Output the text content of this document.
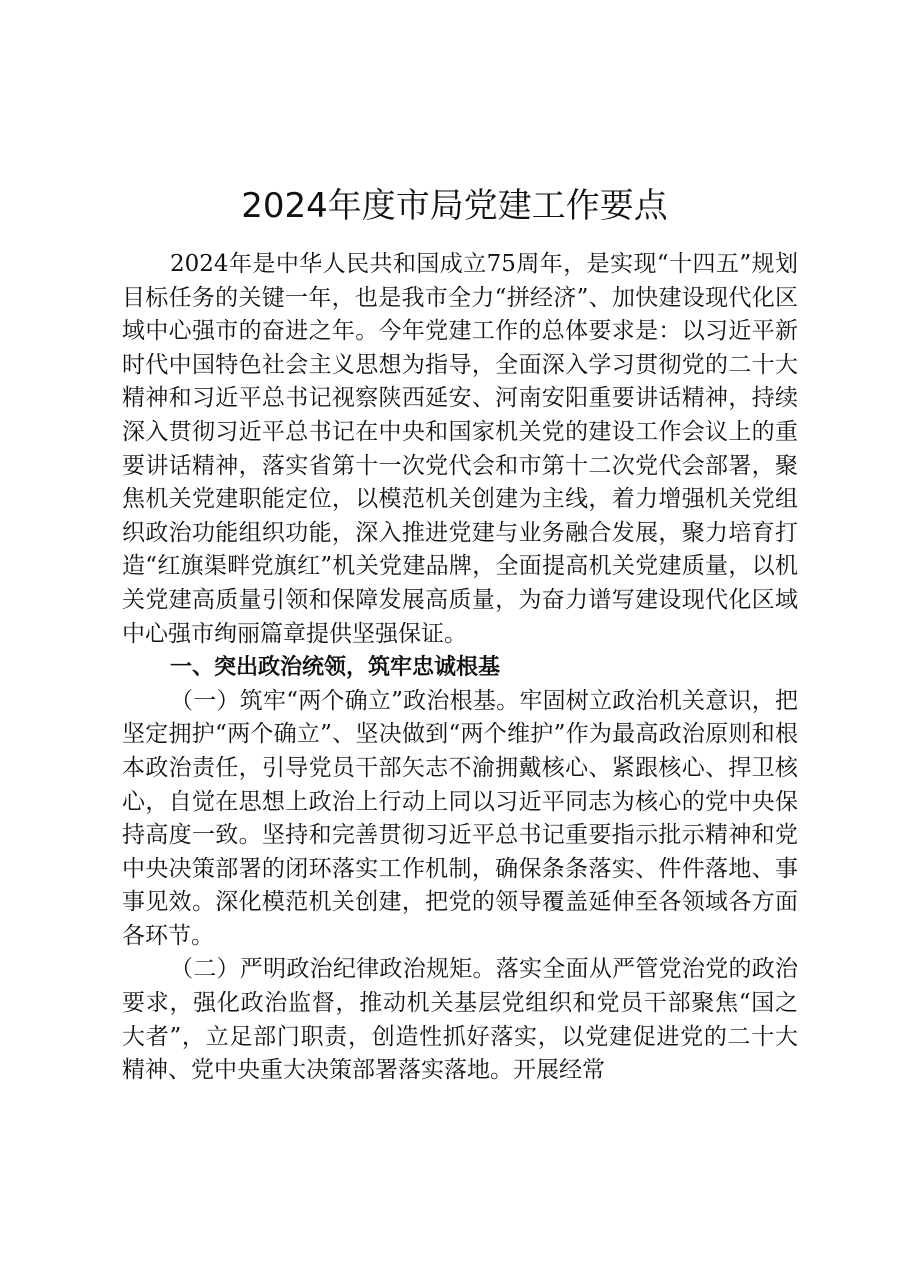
2024年度市局党建工作要点

2024年是中华人民共和国成立75周年，是实现“十四五”规划目标任务的关键一年，也是我市全力“拼经济”、加快建设现代化区域中心强市的奋进之年。今年党建工作的总体要求是：以习近平新时代中国特色社会主义思想为指导，全面深入学习贯彻党的二十大精神和习近平总书记视察陕西延安、河南安阳重要讲话精神，持续深入贯彻习近平总书记在中央和国家机关党的建设工作会议上的重要讲话精神，落实省第十一次党代会和市第十二次党代会部署，聚焦机关党建职能定位，以模范机关创建为主线，着力增强机关党组织政治功能组织功能，深入推进党建与业务融合发展，聚力培育打造“红旗渠畔党旗红”机关党建品牌，全面提高机关党建质量，以机关党建高质量引领和保障发展高质量，为奋力谱写建设现代化区域中心强市绚丽篇章提供坚强保证。

一、突出政治统领，筑牢忠诚根基

（一）筑牢“两个确立”政治根基。牢固树立政治机关意识，把坚定拥护“两个确立”、坚决做到“两个维护”作为最高政治原则和根本政治责任，引导党员干部矢志不渝拥戴核心、紧跟核心、捍卫核心，自觉在思想上政治上行动上同以习近平同志为核心的党中央保持高度一致。坚持和完善贯彻习近平总书记重要指示批示精神和党中央决策部署的闭环落实工作机制，确保条条落实、件件落地、事事见效。深化模范机关创建，把党的领导覆盖延伸至各领域各方面各环节。

（二）严明政治纪律政治规矩。落实全面从严管党治党的政治要求，强化政治监督，推动机关基层党组织和党员干部聚焦“国之大者”，立足部门职责，创造性抓好落实，以党建促进党的二十大精神、党中央重大决策部署落实落地。开展经常
